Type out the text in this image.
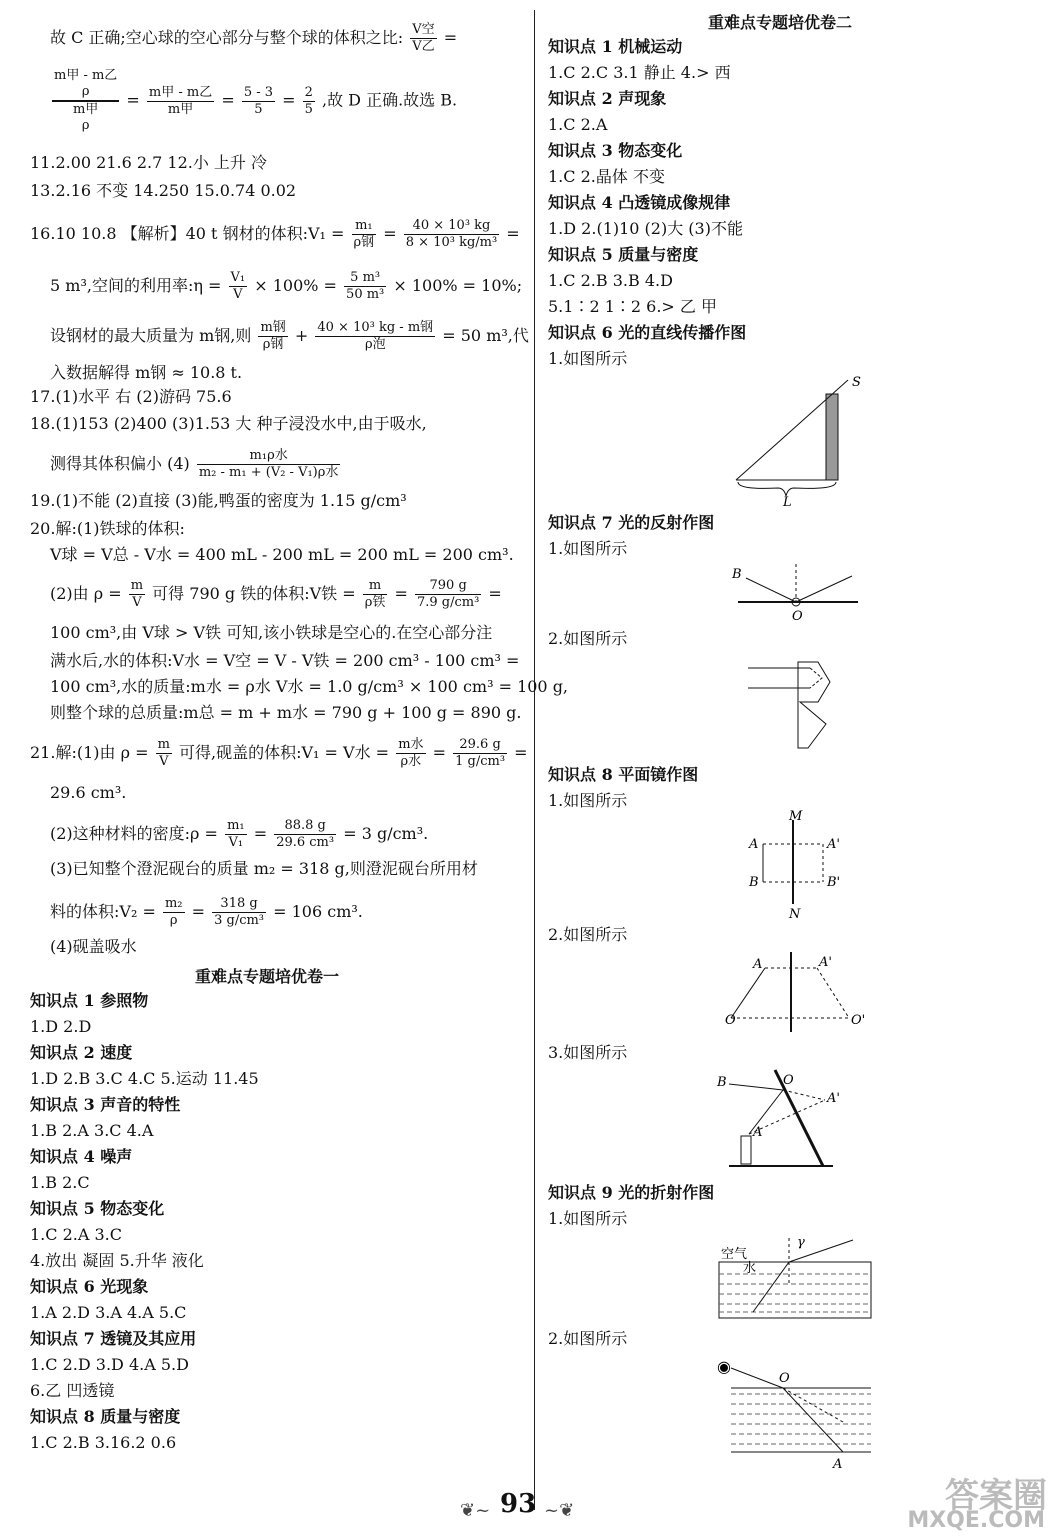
故 C 正确;空心球的空心部分与整个球的体积之比: $\frac{\text{V空}}{\text{V乙}}$ =
m甲 - m乙
ρ
m甲
ρ
= $\frac{\text{m甲 - m乙}}{\text{m甲}} = \frac{5 - 3}{5} = \frac{2}{5}$ ,故 D 正确.故选 B.
11.2.00 21.6 2.7 12.小 上升 冷
13.2.16 不变 14.250 15.0.74 0.02
16.10 10.8 【解析】40 t 钢材的体积:V₁ = $\frac{\text{m₁}}{\text{ρ钢}} = \frac{\text{40 × 10³ kg}}{\text{8 × 10³ kg/m³}}$ =
5 m³,空间的利用率:η = $\frac{\text{V₁}}{V} \times 100\% = \frac{\text{5 m³}}{\text{50 m³}} \times 100\% = 10\%$;
设钢材的最大质量为 m钢,则 $\frac{\text{m钢}}{\text{ρ钢}} + \frac{\text{40 × 10³ kg - m钢}}{\text{ρ泡}} = 50$ m³,代
入数据解得 m钢 ≈ 10.8 t.
17.(1)水平 右 (2)游码 75.6
18.(1)153 (2)400 (3)1.53 大 种子浸没水中,由于吸水,
测得其体积偏小 $(4) \frac{\text{m₁ρ水}}{\text{m₂ - m₁ + (V₂ - V₁)ρ水}}$
19.(1)不能 (2)直接 (3)能,鸭蛋的密度为 1.15 g/cm³
20.解:(1)铁球的体积:
V球 = V总 - V水 = 400 mL - 200 mL = 200 mL = 200 cm³.
(2)由 $\rho = \frac{m}{V}$ 可得 790 g 铁的体积:V铁 = $\frac{m}{\text{ρ铁}} = \frac{790 g}{\text{7.9 g/cm³}}$ =
100 cm³,由 V球 > V铁 可知,该小铁球是空心的.在空心部分注
满水后,水的体积:V水 = V空 = V - V铁 = 200 cm³ - 100 cm³ =
100 cm³,水的质量:m水 = ρ水 V水 = 1.0 g/cm³ × 100 cm³ = 100 g,
则整个球的总质量:m总 = m + m水 = 790 g + 100 g = 890 g.
21.解:(1)由 $\rho = \frac{m}{V}$ 可得,砚盖的体积:V₁ = V水 = $\frac{\text{m水}}{\text{ρ水}} = \frac{29.6 g}{\text{1 g/cm³}}$ =
29.6 cm³.
(2)这种材料的密度:ρ = $\frac{\text{m₁}}{\text{V₁}} = \frac{88.8 g}{\text{29.6 cm³}} = 3$ g/cm³.
(3)已知整个澄泥砚台的质量 m₂ = 318 g,则澄泥砚台所用材
料的体积:V₂ = $\frac{\text{m₂}}{\rho} = \frac{318 g}{\text{3 g/cm³}} = 106$ cm³.
(4)砚盖吸水
重难点专题培优卷一
知识点 1 参照物
1.D 2.D
知识点 2 速度
1.D 2.B 3.C 4.C 5.运动 11.45
知识点 3 声音的特性
1.B 2.A 3.C 4.A
知识点 4 噪声
1.B 2.C
知识点 5 物态变化
1.C 2.A 3.C
4.放出 凝固 5.升华 液化
知识点 6 光现象
1.A 2.D 3.A 4.A 5.C
知识点 7 透镜及其应用
1.C 2.D 3.D 4.A 5.D
6.乙 凹透镜
知识点 8 质量与密度
1.C 2.B 3.16.2 0.6
重难点专题培优卷二
知识点 1 机械运动
1.C 2.C 3.1 静止 4.> 西
知识点 2 声现象
1.C 2.A
知识点 3 物态变化
1.C 2.晶体 不变
知识点 4 凸透镜成像规律
1.D 2.(1)10 (2)大 (3)不能
知识点 5 质量与密度
1.C 2.B 3.B 4.D
5.1∶2 1∶2 6.> 乙 甲
知识点 6 光的直线传播作图
1.如图所示
S
L
知识点 7 光的反射作图
1.如图所示
B
O
2.如图所示
知识点 8 平面镜作图
1.如图所示
M
N
A
B
A'
B'
2.如图所示
A	A'
O	O'
3.如图所示
B	O
A'
A
知识点 9 光的折射作图
1.如图所示
空气
水
γ
2.如图所示
◉
O
A
❦~ 93 ~❦	答案圈
MXQE.COM
